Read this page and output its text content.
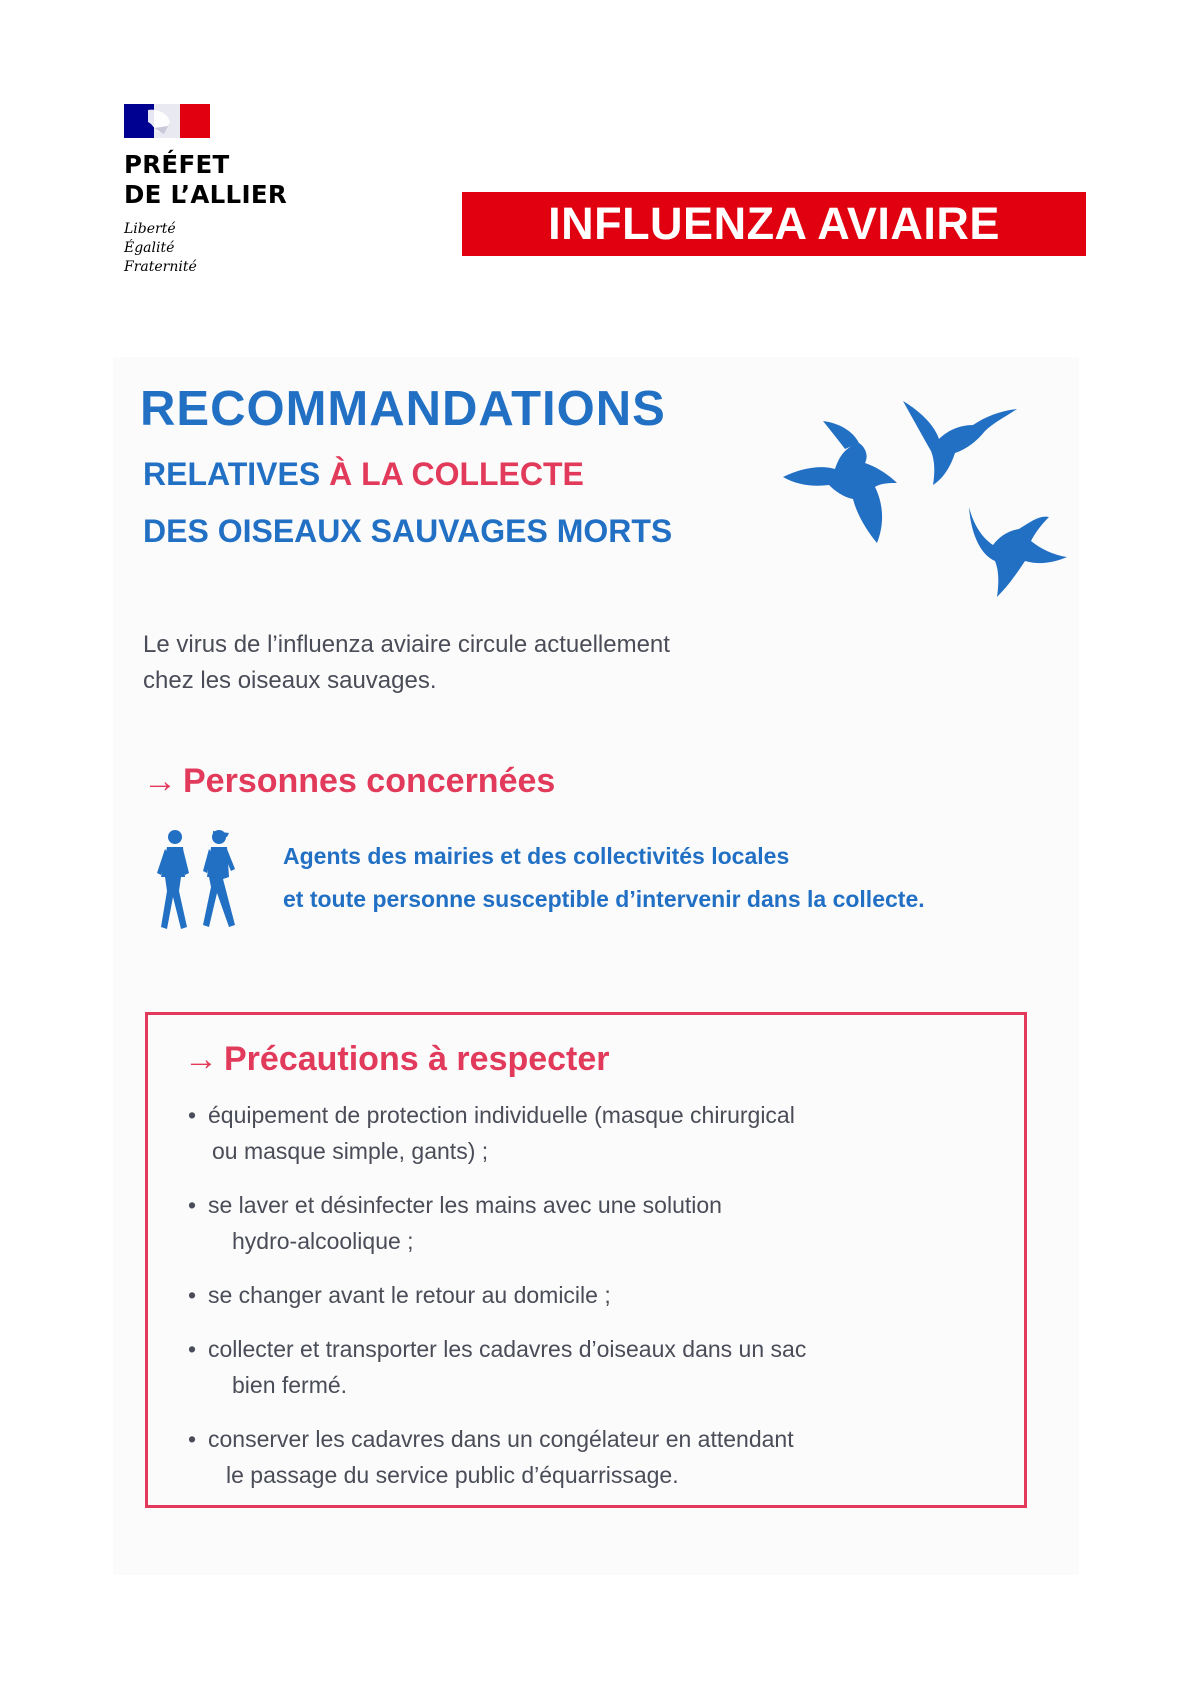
PRÉFET
DE L’ALLIER
Liberté
Égalité
Fraternité
INFLUENZA AVIAIRE
RECOMMANDATIONS
RELATIVES À LA COLLECTE
DES OISEAUX SAUVAGES MORTS
Le virus de l’influenza aviaire circule actuellement
chez les oiseaux sauvages.
→ Personnes concernées
Agents des mairies et des collectivités locales
et toute personne susceptible d’intervenir dans la collecte.
→ Précautions à respecter
• équipement de protection individuelle (masque chirurgical
ou masque simple, gants) ;
• se laver et désinfecter les mains avec une solution
hydro-alcoolique ;
• se changer avant le retour au domicile ;
• collecter et transporter les cadavres d’oiseaux dans un sac
bien fermé.
• conserver les cadavres dans un congélateur en attendant
le passage du service public d’équarrissage.
